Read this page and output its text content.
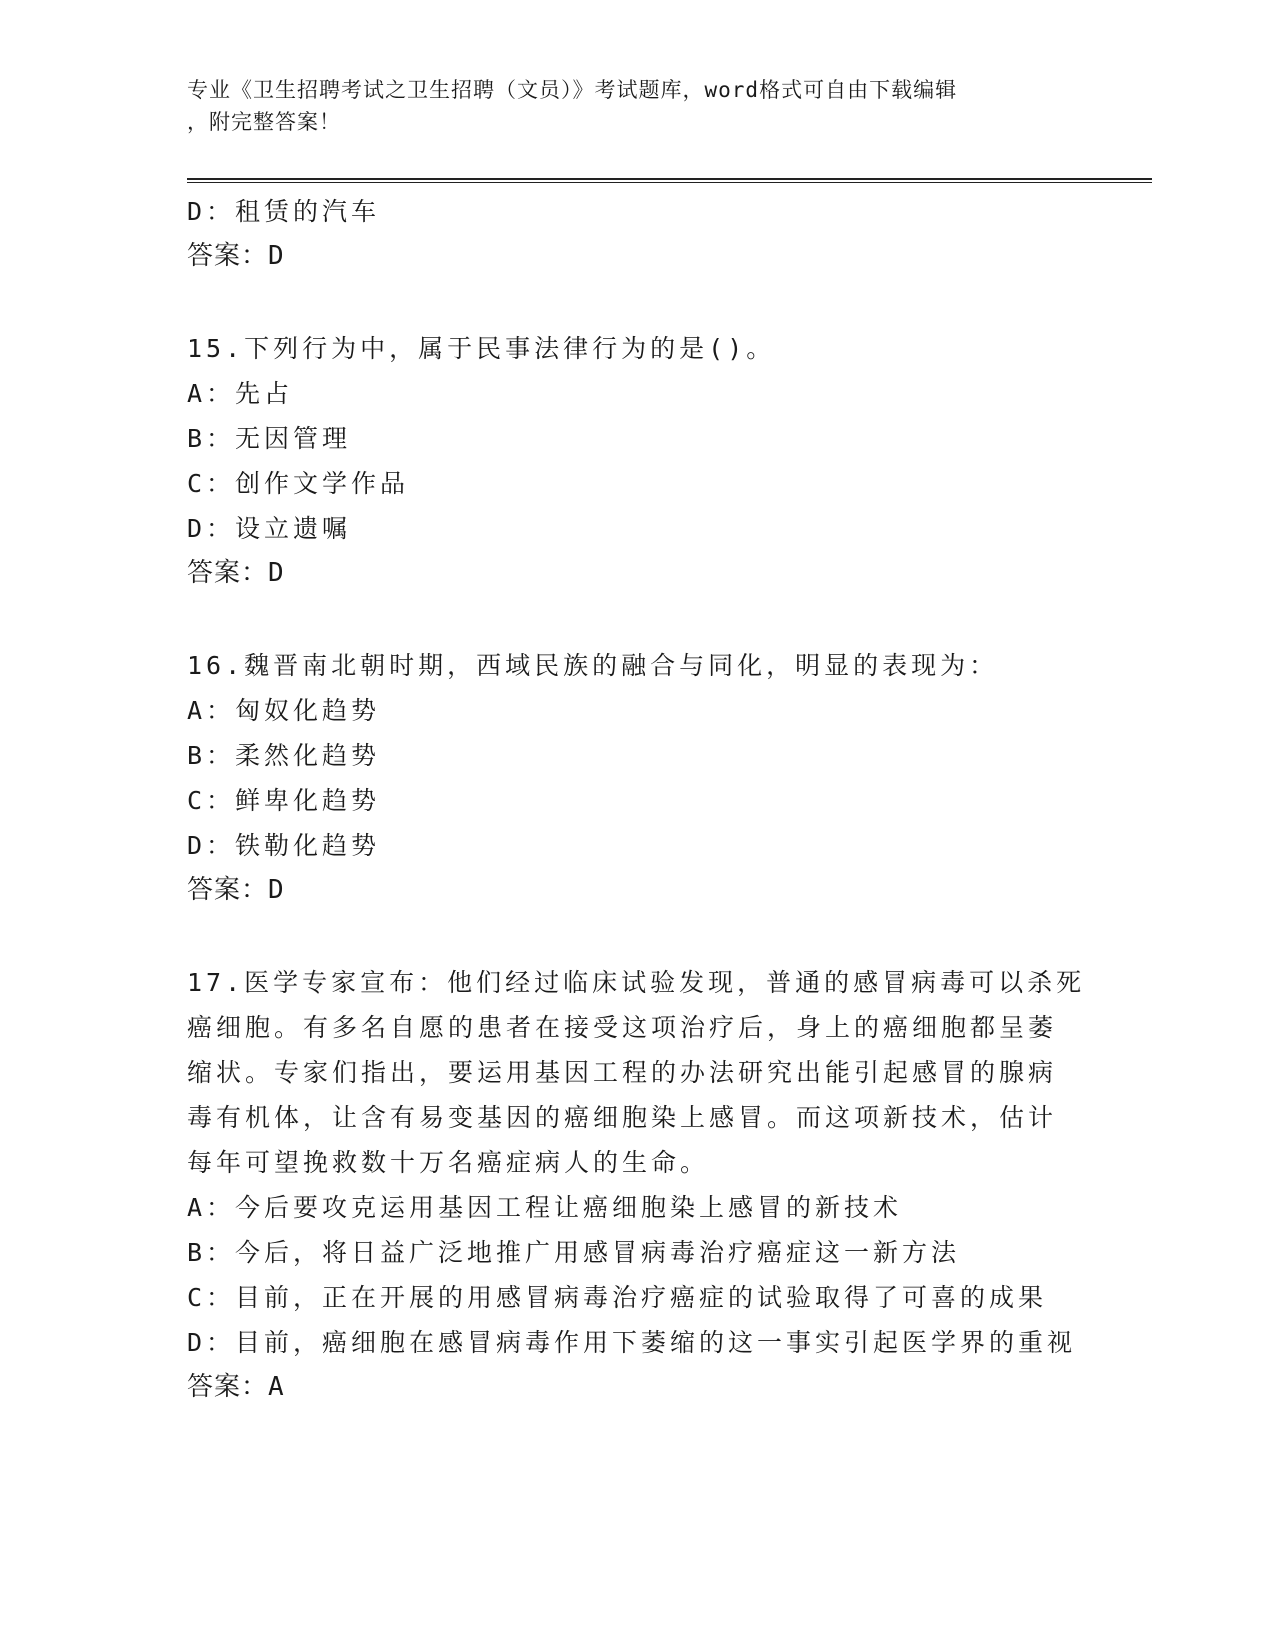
专业《卫生招聘考试之卫生招聘（文员）》考试题库，word格式可自由下载编辑
，附完整答案！
D：租赁的汽车
答案：D
15.下列行为中，属于民事法律行为的是()。
A：先占
B：无因管理
C：创作文学作品
D：设立遗嘱
答案：D
16.魏晋南北朝时期，西域民族的融合与同化，明显的表现为：
A：匈奴化趋势
B：柔然化趋势
C：鲜卑化趋势
D：铁勒化趋势
答案：D
17.医学专家宣布：他们经过临床试验发现，普通的感冒病毒可以杀死
癌细胞。有多名自愿的患者在接受这项治疗后，身上的癌细胞都呈萎
缩状。专家们指出，要运用基因工程的办法研究出能引起感冒的腺病
毒有机体，让含有易变基因的癌细胞染上感冒。而这项新技术，估计
每年可望挽救数十万名癌症病人的生命。
A：今后要攻克运用基因工程让癌细胞染上感冒的新技术
B：今后，将日益广泛地推广用感冒病毒治疗癌症这一新方法
C：目前，正在开展的用感冒病毒治疗癌症的试验取得了可喜的成果
D：目前，癌细胞在感冒病毒作用下萎缩的这一事实引起医学界的重视
答案：A
